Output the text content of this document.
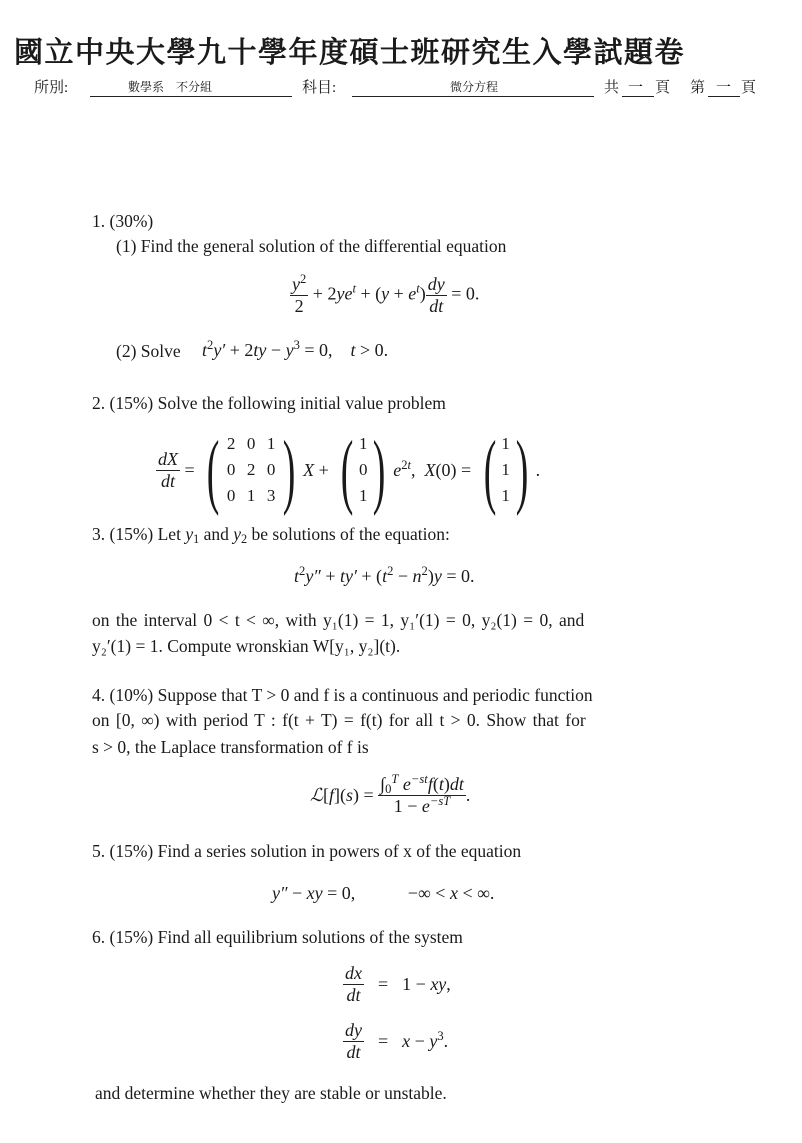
國立中央大學九十學年度碩士班研究生入學試題卷
所別:	數學系　不分組	科目:	微分方程	共 一 頁 第 一 頁
1. (30%)
(1) Find the general solution of the differential equation
$\frac{y^2}{2} + 2ye^t + (y + e^t) \frac{dy}{dt} = 0$.
(2) Solve $t^2y' + 2ty - y^3 = 0$,    t > 0.
2. (15%) Solve the following initial value problem
$\frac{dX}{dt}$ = ( 2 0 1
0 2 0
0 1 3 ) X + ( 1
0
1 ) $e^{2t}$ , X (0) = ( 1
1
1 ) .
3. (15%) Let $y_1$ and $y_2$ be solutions of the equation:
$t^2y'' + ty' + (t^2 - n^2)y = 0$.
on the interval 0 < t < ∞, with y₁(1) = 1, y₁′(1) = 0, y₂(1) = 0, and
y₂′(1) = 1. Compute wronskian W[y₁, y₂](t).
4. (10%) Suppose that T > 0 and f is a continuous and periodic function
on [0, ∞) with period T : f(t + T) = f(t) for all t > 0. Show that for
s > 0, the Laplace transformation of f is
ℒ [ f ]( s ) = $\frac{\int_0^T e^{-st}f(t)dt}{1 - e^{-sT}}$ .
5. (15%) Find a series solution in powers of x of the equation
y″ − xy = 0,	−∞ < x < ∞.
6. (15%) Find all equilibrium solutions of the system
$\frac{dx}{dt} = 1$ − xy,
$\frac{dy}{dt} = x - y^3$.
and determine whether they are stable or unstable.
